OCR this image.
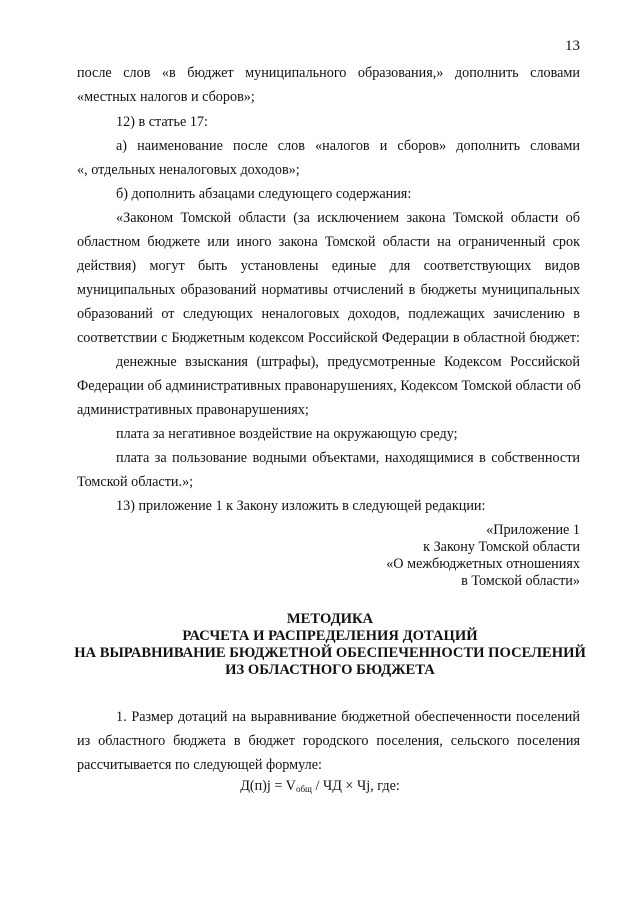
13
после слов «в бюджет муниципального образования,» дополнить словами
«местных налогов и сборов»;
12) в статье 17:
а) наименование после слов «налогов и сборов» дополнить словами
«, отдельных неналоговых доходов»;
б) дополнить абзацами следующего содержания:
«Законом Томской области (за исключением закона Томской области об
областном бюджете или иного закона Томской области на ограниченный срок
действия) могут быть установлены единые для соответствующих видов
муниципальных образований нормативы отчислений в бюджеты муниципальных
образований от следующих неналоговых доходов, подлежащих зачислению в
соответствии с Бюджетным кодексом Российской Федерации в областной бюджет:
денежные взыскания (штрафы), предусмотренные Кодексом Российской
Федерации об административных правонарушениях, Кодексом Томской области об
административных правонарушениях;
плата за негативное воздействие на окружающую среду;
плата за пользование водными объектами, находящимися в собственности
Томской области.»;
13) приложение 1 к Закону изложить в следующей редакции:
«Приложение 1
к Закону Томской области
«О межбюджетных отношениях
в Томской области»
МЕТОДИКА
РАСЧЕТА И РАСПРЕДЕЛЕНИЯ ДОТАЦИЙ
НА ВЫРАВНИВАНИЕ БЮДЖЕТНОЙ ОБЕСПЕЧЕННОСТИ ПОСЕЛЕНИЙ
ИЗ ОБЛАСТНОГО БЮДЖЕТА
1. Размер дотаций на выравнивание бюджетной обеспеченности поселений
из областного бюджета в бюджет городского поселения, сельского поселения
рассчитывается по следующей формуле:
$Д(п)j = V_{общ}$ / ЧД × Чj, где:
